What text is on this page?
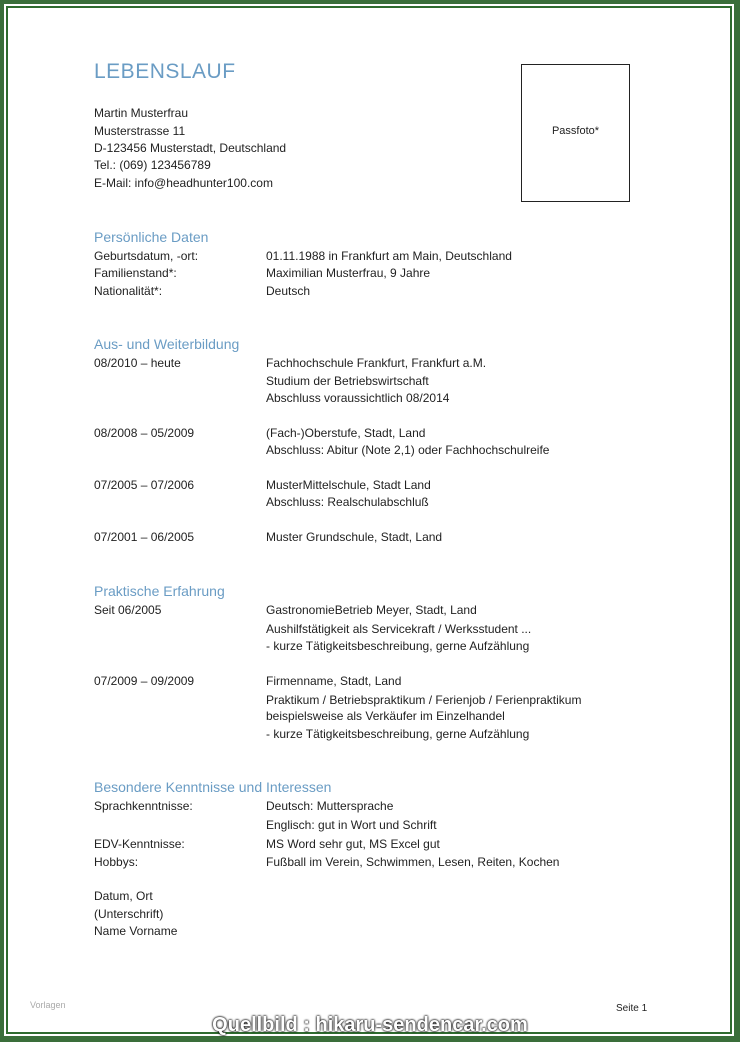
LEBENSLAUF
Martin Musterfrau
Musterstrasse 11
D-123456 Musterstadt, Deutschland
Tel.: (069) 123456789
E-Mail: info@headhunter100.com
Passfoto*
Persönliche Daten
Geburtsdatum, -ort:	01.11.1988 in Frankfurt am Main, Deutschland
Familienstand*:	Maximilian Musterfrau, 9 Jahre
Nationalität*:	Deutsch
Aus- und Weiterbildung
08/2010 – heute	Fachhochschule Frankfurt, Frankfurt a.M.
Studium der Betriebswirtschaft
Abschluss voraussichtlich 08/2014
08/2008 – 05/2009	(Fach-)Oberstufe, Stadt, Land
Abschluss: Abitur (Note 2,1) oder Fachhochschulreife
07/2005 – 07/2006	MusterMittelschule, Stadt Land
Abschluss: Realschulabschluß
07/2001 – 06/2005	Muster Grundschule, Stadt, Land
Praktische Erfahrung
Seit 06/2005	GastronomieBetrieb Meyer, Stadt, Land
Aushilfstätigkeit als Servicekraft / Werksstudent ...
- kurze Tätigkeitsbeschreibung, gerne Aufzählung
07/2009 – 09/2009	Firmenname, Stadt, Land
Praktikum / Betriebspraktikum / Ferienjob / Ferienpraktikum
beispielsweise als Verkäufer im Einzelhandel
- kurze Tätigkeitsbeschreibung, gerne Aufzählung
Besondere Kenntnisse und Interessen
Sprachkenntnisse:	Deutsch: Muttersprache
Englisch: gut in Wort und Schrift
EDV-Kenntnisse:	MS Word sehr gut, MS Excel gut
Hobbys:	Fußball im Verein, Schwimmen, Lesen, Reiten, Kochen
Datum, Ort
(Unterschrift)
Name Vorname
Vorlagen	Seite 1
Quellbild : hikaru-sendencar.com
